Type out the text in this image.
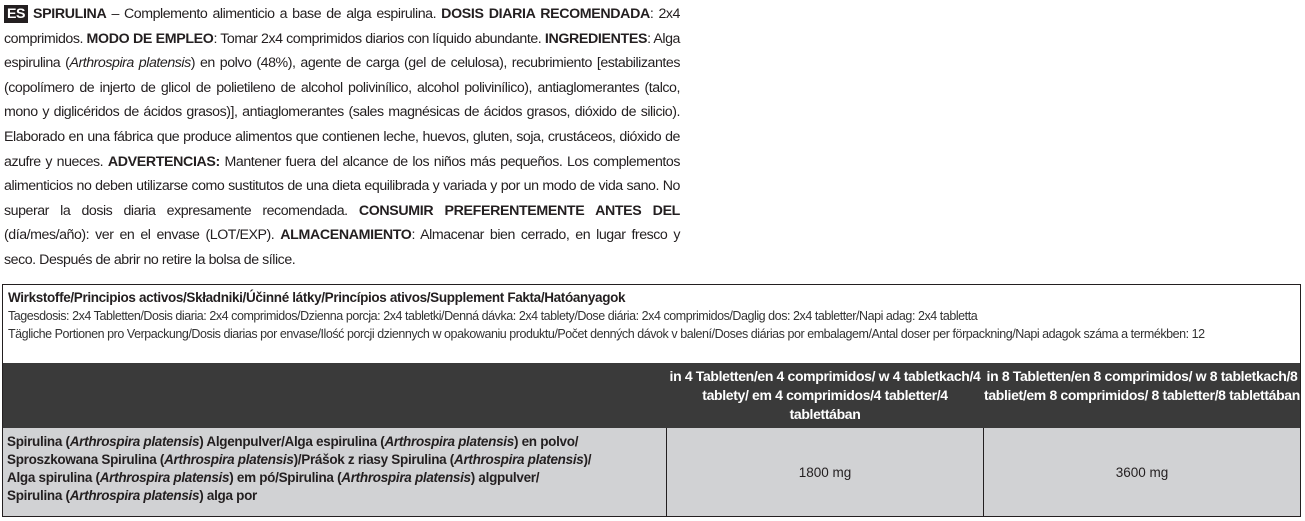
ES SPIRULINA – Complemento alimenticio a base de alga espirulina. DOSIS DIARIA RECOMENDADA: 2x4 comprimidos. MODO DE EMPLEO: Tomar 2x4 comprimidos diarios con líquido abundante. INGREDIENTES: Alga espirulina (Arthrospira platensis) en polvo (48%), agente de carga (gel de celulosa), recubrimiento [estabilizantes (copolímero de injerto de glicol de polietileno de alcohol polivinílico, alcohol polivinílico), antiaglomerantes (talco, mono y diglicéridos de ácidos grasos)], antiaglomerantes (sales magnésicas de ácidos grasos, dióxido de silicio). Elaborado en una fábrica que produce alimentos que contienen leche, huevos, gluten, soja, crustáceos, dióxido de azufre y nueces. ADVERTENCIAS: Mantener fuera del alcance de los niños más pequeños. Los complementos alimenticios no deben utilizarse como sustitutos de una dieta equilibrada y variada y por un modo de vida sano. No superar la dosis diaria expresamente recomendada. CONSUMIR PREFERENTEMENTE ANTES DEL (día/mes/año): ver en el envase (LOT/EXP). ALMACENAMIENTO: Almacenar bien cerrado, en lugar fresco y seco. Después de abrir no retire la bolsa de sílice.
Wirkstoffe/Principios activos/Składniki/Účinné látky/Princípios ativos/Supplement Fakta/Hatóanyagok
Tagesdosis: 2x4 Tabletten/Dosis diaria: 2x4 comprimidos/Dzienna porcja: 2x4 tabletki/Denná dávka: 2x4 tablety/Dose diária: 2x4 comprimidos/Daglig dos: 2x4 tabletter/Napi adag: 2x4 tabletta
Tägliche Portionen pro Verpackung/Dosis diarias por envase/Ilość porcji dziennych w opakowaniu produktu/Počet denných dávok v balení/Doses diárias por embalagem/Antal doser per förpackning/Napi adagok száma a termékben: 12
in 4 Tabletten/en 4 comprimidos/ w 4 tabletkach/4 tablety/ em 4 comprimidos/4 tabletter/4 tablettában
in 8 Tabletten/en 8 comprimidos/ w 8 tabletkach/8 tabliet/em 8 comprimidos/ 8 tabletter/8 tablettában
Spirulina (Arthrospira platensis) Algenpulver/Alga espirulina (Arthrospira platensis) en polvo/
Sproszkowana Spirulina (Arthrospira platensis)/Prášok z riasy Spirulina (Arthrospira platensis)/
Alga spirulina (Arthrospira platensis) em pó/Spirulina (Arthrospira platensis) algpulver/
Spirulina (Arthrospira platensis) alga por
1800 mg	3600 mg
